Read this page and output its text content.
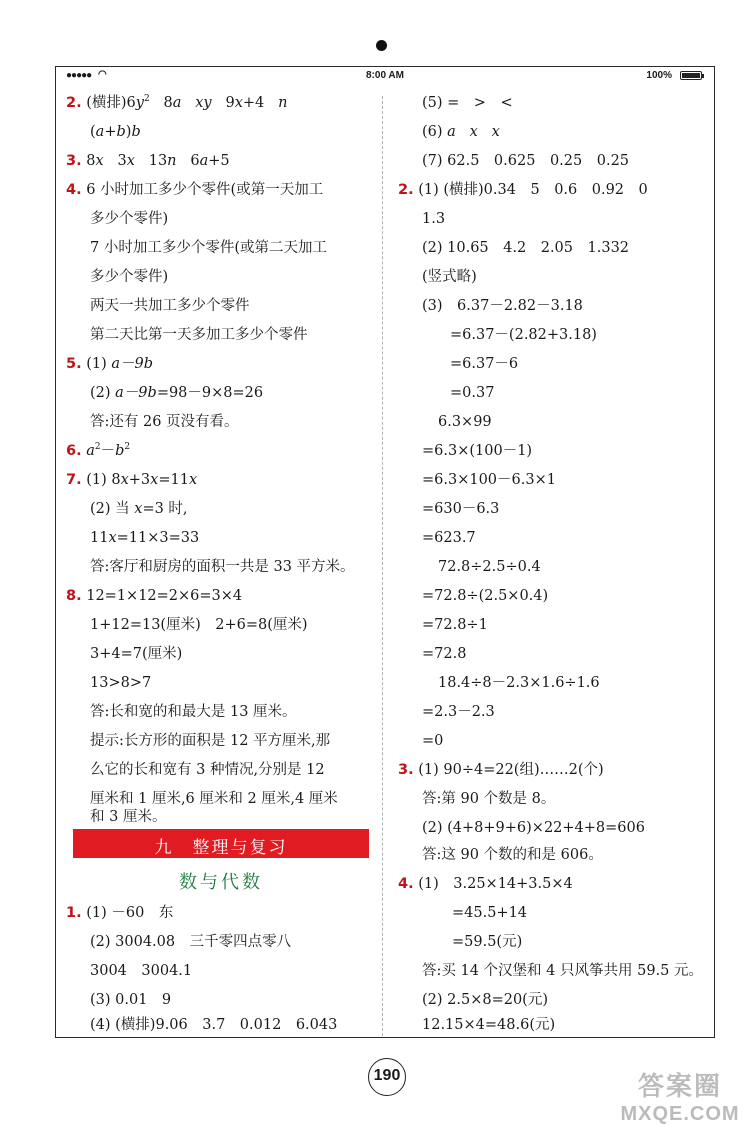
●●●●● ◠	8:00 AM	100%
2. (横排)$6y^2$ 8a xy 9x+4 n
(a+b)b
3. 8x 3x 13n 6a+5
4. 6 小时加工多少个零件(或第一天加工
多少个零件)
7 小时加工多少个零件(或第二天加工
多少个零件)
两天一共加工多少个零件
第二天比第一天多加工多少个零件
5. (1) a－9b
(2) a－9b=98－9×8=26
答:还有 26 页没有看。
6. $a^2-b^2$
7. (1) 8x+3x=11x
(2) 当 x=3 时,
11x=11×3=33
答:客厅和厨房的面积一共是 33 平方米。
8. 12=1×12=2×6=3×4
1+12=13(厘米)　2+6=8(厘米)
3+4=7(厘米)
13>8>7
答:长和宽的和最大是 13 厘米。
提示:长方形的面积是 12 平方厘米,那
么它的长和宽有 3 种情况,分别是 12
厘米和 1 厘米,6 厘米和 2 厘米,4 厘米
和 3 厘米。
九　整理与复习
数与代数
1. (1) －60　东
(2) 3004.08　三千零四点零八
3004　3004.1
(3) 0.01　9
(4) (横排)9.06　3.7　0.012　6.043
(5) =　>　<
(6) a x x
(7) 62.5　0.625　0.25　0.25
2. (1) (横排)0.34　5　0.6　0.92　0
1.3
(2) 10.65　4.2　2.05　1.332
(竖式略)
(3)　6.37－2.82－3.18
=6.37－(2.82+3.18)
=6.37－6
=0.37
6.3×99
=6.3×(100－1)
=6.3×100－6.3×1
=630－6.3
=623.7
72.8÷2.5÷0.4
=72.8÷(2.5×0.4)
=72.8÷1
=72.8
18.4÷8－2.3×1.6÷1.6
=2.3－2.3
=0
3. (1) 90÷4=22(组)……2(个)
答:第 90 个数是 8。
(2) (4+8+9+6)×22+4+8=606
答:这 90 个数的和是 606。
4. (1)　3.25×14+3.5×4
=45.5+14
=59.5(元)
答:买 14 个汉堡和 4 只风筝共用 59.5 元。
(2) 2.5×8=20(元)
12.15×4=48.6(元)
190	答案圈
MXQE.COM
